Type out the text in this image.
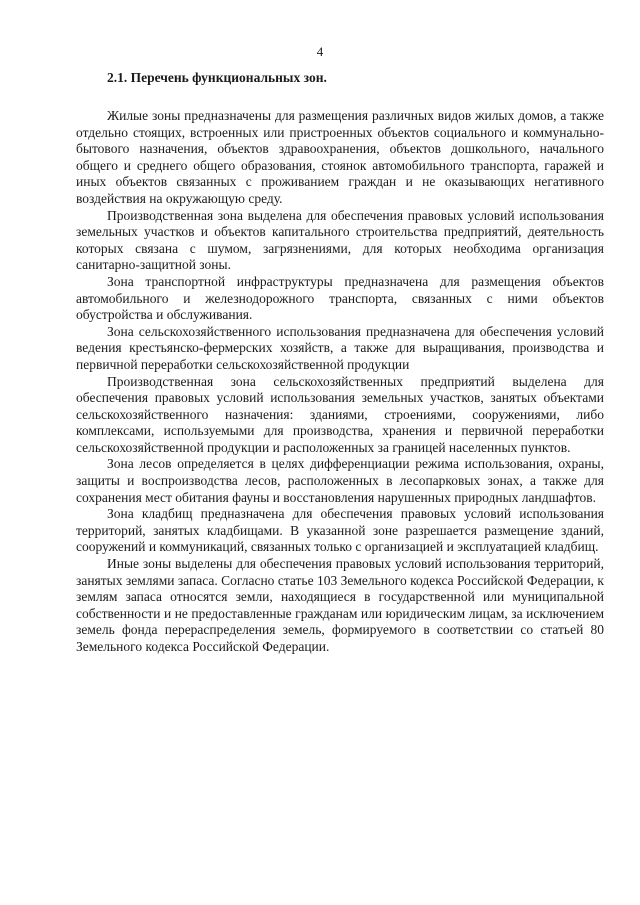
4
2.1. Перечень функциональных зон.

Жилые зоны предназначены для размещения различных видов жилых домов, а также отдельно стоящих, встроенных или пристроенных объектов социального и коммунально-бытового назначения, объектов здравоохранения, объектов дошкольного, начального общего и среднего общего образования, стоянок автомобильного транспорта, гаражей и иных объектов связанных с проживанием граждан и не оказывающих негативного воздействия на окружающую среду.

Производственная зона выделена для обеспечения правовых условий использования земельных участков и объектов капитального строительства предприятий, деятельность которых связана с шумом, загрязнениями, для которых необходима организация санитарно-защитной зоны.

Зона транспортной инфраструктуры предназначена для размещения объектов автомобильного и железнодорожного транспорта, связанных с ними объектов обустройства и обслуживания.

Зона сельскохозяйственного использования предназначена для обеспечения условий ведения крестьянско-фермерских хозяйств, а также для выращивания, производства и первичной переработки сельскохозяйственной продукции

Производственная зона сельскохозяйственных предприятий выделена для обеспечения правовых условий использования земельных участков, занятых объектами сельскохозяйственного назначения: зданиями, строениями, сооружениями, либо комплексами, используемыми для производства, хранения и первичной переработки сельскохозяйственной продукции и расположенных за границей населенных пунктов.

Зона лесов определяется в целях дифференциации режима использования, охраны, защиты и воспроизводства лесов, расположенных в лесопарковых зонах, а также для сохранения мест обитания фауны и восстановления нарушенных природных ландшафтов.

Зона кладбищ предназначена для обеспечения правовых условий использования территорий, занятых кладбищами. В указанной зоне разрешается размещение зданий, сооружений и коммуникаций, связанных только с организацией и эксплуатацией кладбищ.

Иные зоны выделены для обеспечения правовых условий использования территорий, занятых землями запаса. Согласно статье 103 Земельного кодекса Российской Федерации, к землям запаса относятся земли, находящиеся в государственной или муниципальной собственности и не предоставленные гражданам или юридическим лицам, за исключением земель фонда перераспределения земель, формируемого в соответствии со статьей 80 Земельного кодекса Российской Федерации.
